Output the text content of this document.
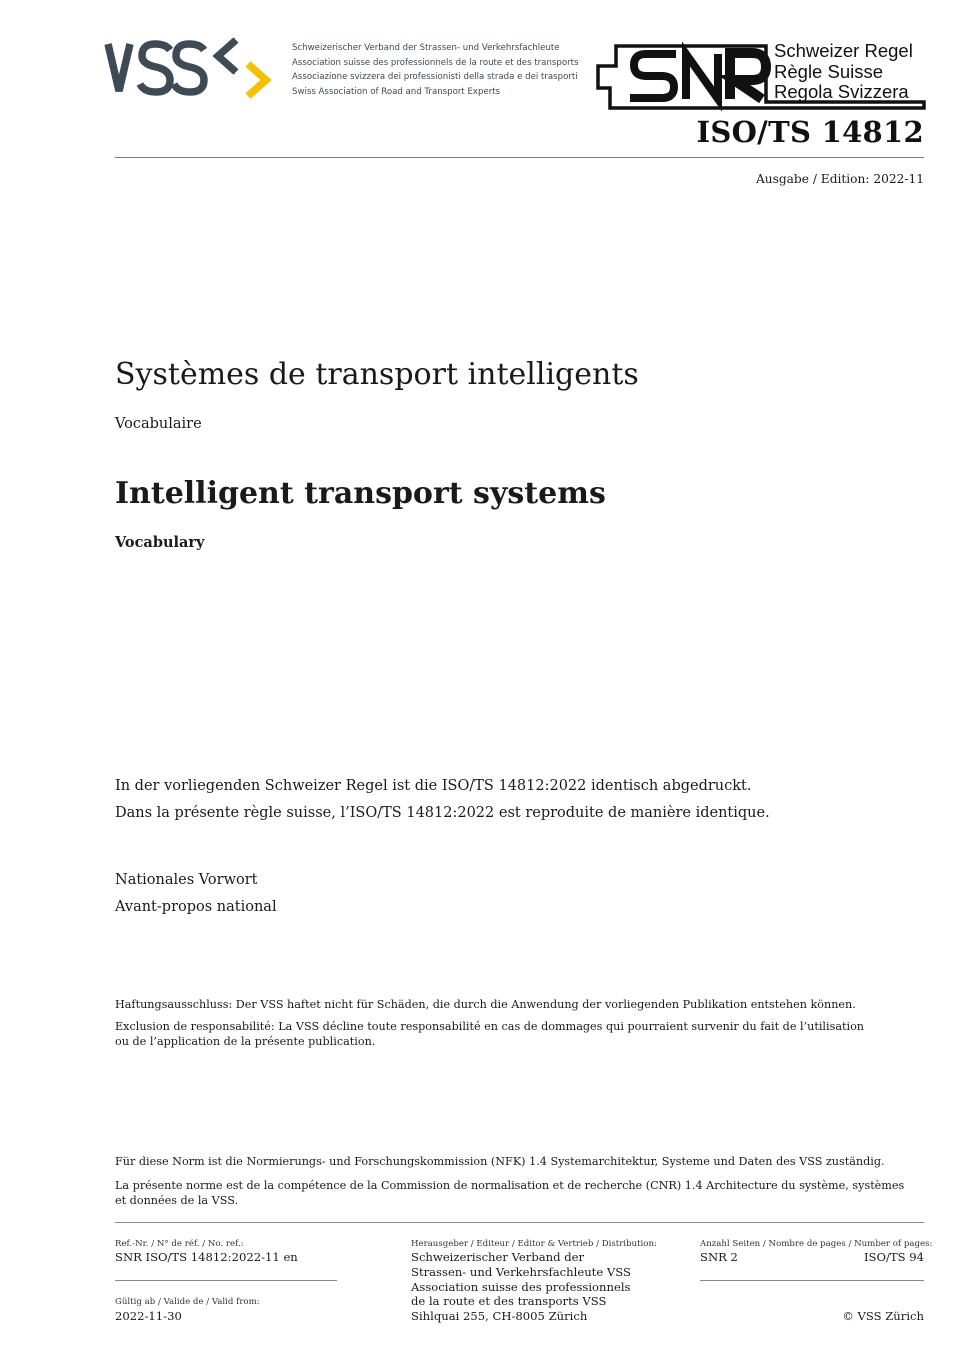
Schweizerischer Verband der Strassen- und Verkehrsfachleute
Association suisse des professionnels de la route et des transports
Associazione svizzera dei professionisti della strada e dei trasporti
Swiss Association of Road and Transport Experts
Schweizer Regel
Règle Suisse
Regola Svizzera
ISO/TS 14812
Ausgabe / Edition: 2022-11
Systèmes de transport intelligents
Vocabulaire
Intelligent transport systems
Vocabulary
In der vorliegenden Schweizer Regel ist die ISO/TS 14812:2022 identisch abgedruckt.
Dans la présente règle suisse, l’ISO/TS 14812:2022 est reproduite de manière identique.
Nationales Vorwort
Avant-propos national
Haftungsausschluss: Der VSS haftet nicht für Schäden, die durch die Anwendung der vorliegenden Publikation entstehen können.
Exclusion de responsabilité: La VSS décline toute responsabilité en cas de dommages qui pourraient survenir du fait de l’utilisation ou de l’application de la présente publication.
Für diese Norm ist die Normierungs- und Forschungskommission (NFK) 1.4 Systemarchitektur, Systeme und Daten des VSS zuständig.
La présente norme est de la compétence de la Commission de normalisation et de recherche (CNR) 1.4 Architecture du système, systèmes et données de la VSS.
Ref.-Nr. / N° de réf. / No. ref.:
SNR ISO/TS 14812:2022-11 en
Gültig ab / Valide de / Valid from:
2022-11-30
Herausgeber / Editeur / Editor & Vertrieb / Distribution:
Schweizerischer Verband der
Strassen- und Verkehrsfachleute VSS
Association suisse des professionnels
de la route et des transports VSS
Sihlquai 255, CH-8005 Zürich
Anzahl Seiten / Nombre de pages / Number of pages:
SNR 2	ISO/TS 94
© VSS Zürich
